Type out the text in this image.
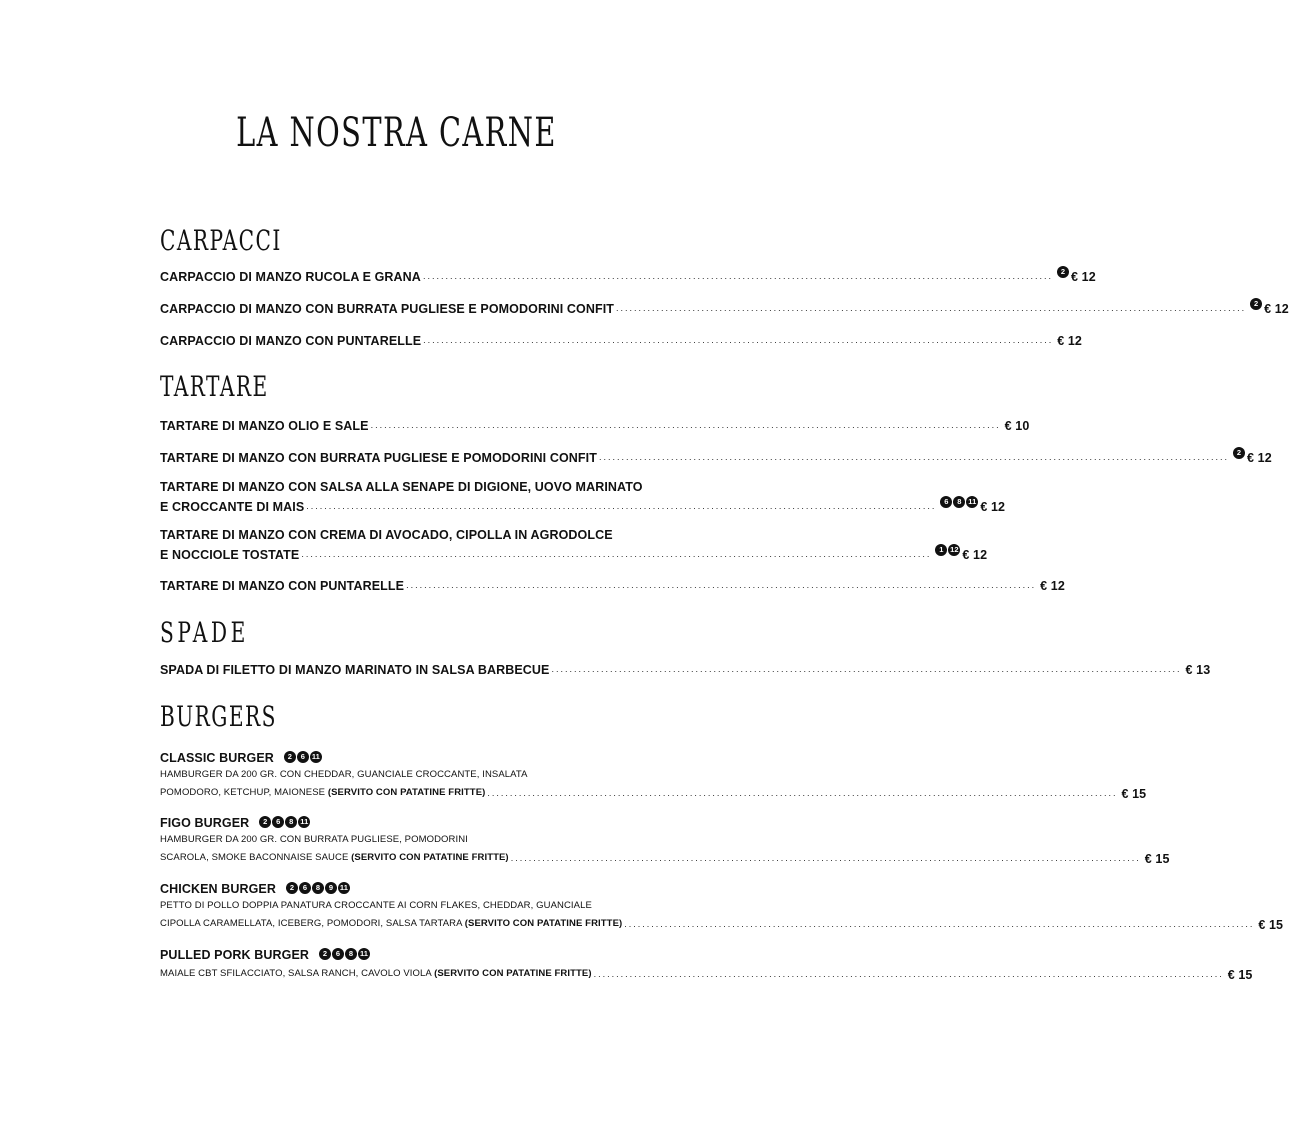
LA NOSTRA CARNE
CARPACCI
CARPACCIO DI MANZO RUCOLA E GRANA ............................................................................................................................................	2 € 12
CARPACCIO DI MANZO CON BURRATA PUGLIESE E POMODORINI CONFIT ............................................................................................................................................	2 € 12
CARPACCIO DI MANZO CON PUNTARELLE ............................................................................................................................................ € 12
TARTARE
TARTARE DI MANZO OLIO E SALE ............................................................................................................................................ € 10
TARTARE DI MANZO CON BURRATA PUGLIESE E POMODORINI CONFIT ............................................................................................................................................	2 € 12
TARTARE DI MANZO CON SALSA ALLA SENAPE DI DIGIONE, UOVO MARINATO
E CROCCANTE DI MAIS ............................................................................................................................................	6	8 11 € 12
TARTARE DI MANZO CON CREMA DI AVOCADO, CIPOLLA IN AGRODOLCE
E NOCCIOLE TOSTATE ............................................................................................................................................	1 12 € 12
TARTARE DI MANZO CON PUNTARELLE ............................................................................................................................................ € 12
SPADE
SPADA DI FILETTO DI MANZO MARINATO IN SALSA BARBECUE ............................................................................................................................................ € 13
BURGERS
CLASSIC BURGER	2	6 11
HAMBURGER DA 200 GR. CON CHEDDAR, GUANCIALE CROCCANTE, INSALATA
POMODORO, KETCHUP, MAIONESE (SERVITO CON PATATINE FRITTE) ............................................................................................................................................ € 15
FIGO BURGER	2	6	8 11
HAMBURGER DA 200 GR. CON BURRATA PUGLIESE, POMODORINI
SCAROLA, SMOKE BACONNAISE SAUCE (SERVITO CON PATATINE FRITTE) ............................................................................................................................................ € 15
CHICKEN BURGER	2	6	8	9 11
PETTO DI POLLO DOPPIA PANATURA CROCCANTE AI CORN FLAKES, CHEDDAR, GUANCIALE
CIPOLLA CARAMELLATA, ICEBERG, POMODORI, SALSA TARTARA (SERVITO CON PATATINE FRITTE) ............................................................................................................................................ € 15
PULLED PORK BURGER	2	6	8 11
MAIALE CBT SFILACCIATO, SALSA RANCH, CAVOLO VIOLA (SERVITO CON PATATINE FRITTE) ............................................................................................................................................ € 15
